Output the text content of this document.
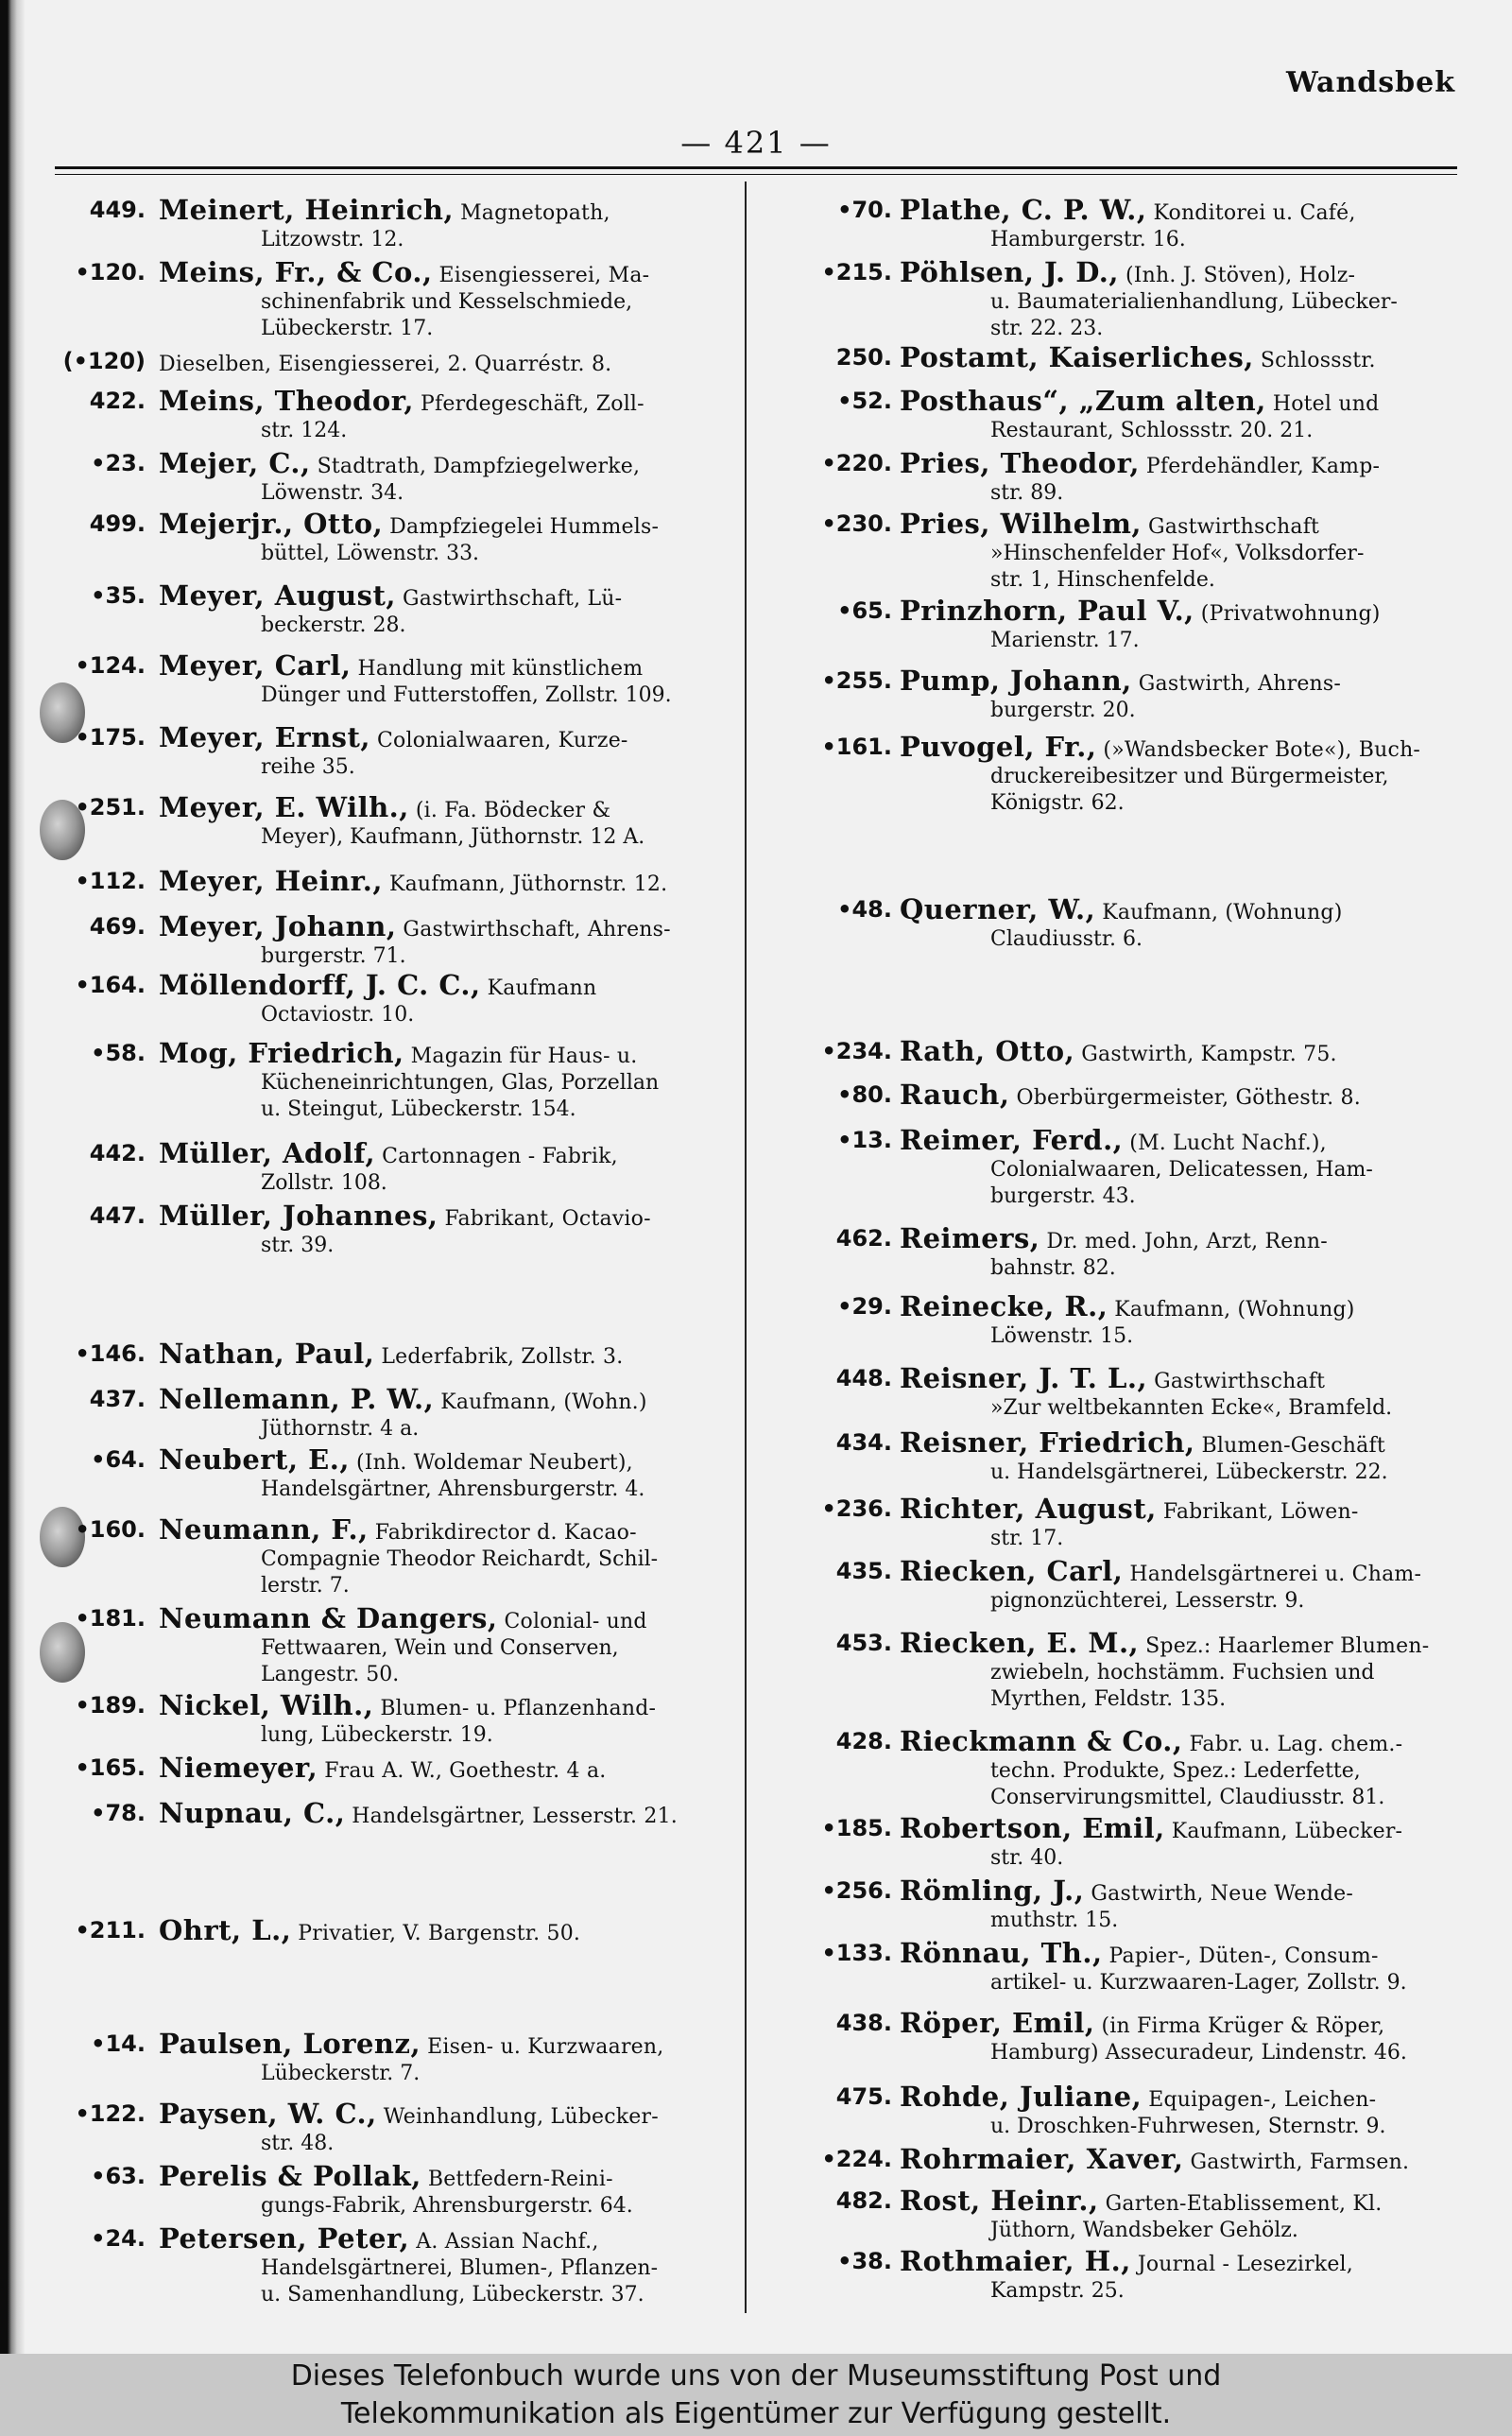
Wandsbek
— 421 —
449. Meinert, Heinrich, Magnetopath,
Litzowstr. 12.
•120. Meins, Fr., & Co., Eisengiesserei, Ma-
schinenfabrik und Kesselschmiede,
Lübeckerstr. 17.
(•120) Dieselben, Eisengiesserei, 2. Quarréstr. 8.
422. Meins, Theodor, Pferdegeschäft, Zoll-
str. 124.
•23. Mejer, C., Stadtrath, Dampfziegelwerke,
Löwenstr. 34.
499. Mejerjr., Otto, Dampfziegelei Hummels-
büttel, Löwenstr. 33.
•35. Meyer, August, Gastwirthschaft, Lü-
beckerstr. 28.
•124. Meyer, Carl, Handlung mit künstlichem
Dünger und Futterstoffen, Zollstr. 109.
•175. Meyer, Ernst, Colonialwaaren, Kurze-
reihe 35.
•251. Meyer, E. Wilh., (i. Fa. Bödecker &
Meyer), Kaufmann, Jüthornstr. 12 A.
•112. Meyer, Heinr., Kaufmann, Jüthornstr. 12.
469. Meyer, Johann, Gastwirthschaft, Ahrens-
burgerstr. 71.
•164. Möllendorff, J. C. C., Kaufmann
Octaviostr. 10.
•58. Mog, Friedrich, Magazin für Haus- u.
Kücheneinrichtungen, Glas, Porzellan
u. Steingut, Lübeckerstr. 154.
442. Müller, Adolf, Cartonnagen - Fabrik,
Zollstr. 108.
447. Müller, Johannes, Fabrikant, Octavio-
str. 39.
•146. Nathan, Paul, Lederfabrik, Zollstr. 3.
437. Nellemann, P. W., Kaufmann, (Wohn.)
Jüthornstr. 4 a.
•64. Neubert, E., (Inh. Woldemar Neubert),
Handelsgärtner, Ahrensburgerstr. 4.
•160. Neumann, F., Fabrikdirector d. Kacao-
Compagnie Theodor Reichardt, Schil-
lerstr. 7.
•181. Neumann & Dangers, Colonial- und
Fettwaaren, Wein und Conserven,
Langestr. 50.
•189. Nickel, Wilh., Blumen- u. Pflanzenhand-
lung, Lübeckerstr. 19.
•165. Niemeyer, Frau A. W., Goethestr. 4 a.
•78. Nupnau, C., Handelsgärtner, Lesserstr. 21.
•211. Ohrt, L., Privatier, V. Bargenstr. 50.
•14. Paulsen, Lorenz, Eisen- u. Kurzwaaren,
Lübeckerstr. 7.
•122. Paysen, W. C., Weinhandlung, Lübecker-
str. 48.
•63. Perelis & Pollak, Bettfedern-Reini-
gungs-Fabrik, Ahrensburgerstr. 64.
•24. Petersen, Peter, A. Assian Nachf.,
Handelsgärtnerei, Blumen-, Pflanzen-
u. Samenhandlung, Lübeckerstr. 37.
•70. Plathe, C. P. W., Konditorei u. Café,
Hamburgerstr. 16.
•215. Pöhlsen, J. D., (Inh. J. Stöven), Holz-
u. Baumaterialienhandlung, Lübecker-
str. 22. 23.
250. Postamt, Kaiserliches, Schlossstr.
•52. Posthaus“, „Zum alten, Hotel und
Restaurant, Schlossstr. 20. 21.
•220. Pries, Theodor, Pferdehändler, Kamp-
str. 89.
•230. Pries, Wilhelm, Gastwirthschaft
»Hinschenfelder Hof«, Volksdorfer-
str. 1, Hinschenfelde.
•65. Prinzhorn, Paul V., (Privatwohnung)
Marienstr. 17.
•255. Pump, Johann, Gastwirth, Ahrens-
burgerstr. 20.
•161. Puvogel, Fr., (»Wandsbecker Bote«), Buch-
druckereibesitzer und Bürgermeister,
Königstr. 62.
•48. Querner, W., Kaufmann, (Wohnung)
Claudiusstr. 6.
•234. Rath, Otto, Gastwirth, Kampstr. 75.
•80. Rauch, Oberbürgermeister, Göthestr. 8.
•13. Reimer, Ferd., (M. Lucht Nachf.),
Colonialwaaren, Delicatessen, Ham-
burgerstr. 43.
462. Reimers, Dr. med. John, Arzt, Renn-
bahnstr. 82.
•29. Reinecke, R., Kaufmann, (Wohnung)
Löwenstr. 15.
448. Reisner, J. T. L., Gastwirthschaft
»Zur weltbekannten Ecke«, Bramfeld.
434. Reisner, Friedrich, Blumen-Geschäft
u. Handelsgärtnerei, Lübeckerstr. 22.
•236. Richter, August, Fabrikant, Löwen-
str. 17.
435. Riecken, Carl, Handelsgärtnerei u. Cham-
pignonzüchterei, Lesserstr. 9.
453. Riecken, E. M., Spez.: Haarlemer Blumen-
zwiebeln, hochstämm. Fuchsien und
Myrthen, Feldstr. 135.
428. Rieckmann & Co., Fabr. u. Lag. chem.-
techn. Produkte, Spez.: Lederfette,
Conservirungsmittel, Claudiusstr. 81.
•185. Robertson, Emil, Kaufmann, Lübecker-
str. 40.
•256. Römling, J., Gastwirth, Neue Wende-
muthstr. 15.
•133. Rönnau, Th., Papier-, Düten-, Consum-
artikel- u. Kurzwaaren-Lager, Zollstr. 9.
438. Röper, Emil, (in Firma Krüger & Röper,
Hamburg) Assecuradeur, Lindenstr. 46.
475. Rohde, Juliane, Equipagen-, Leichen-
u. Droschken-Fuhrwesen, Sternstr. 9.
•224. Rohrmaier, Xaver, Gastwirth, Farmsen.
482. Rost, Heinr., Garten-Etablissement, Kl.
Jüthorn, Wandsbeker Gehölz.
•38. Rothmaier, H., Journal - Lesezirkel,
Kampstr. 25.
Dieses Telefonbuch wurde uns von der Museumsstiftung Post und
Telekommunikation als Eigentümer zur Verfügung gestellt.
